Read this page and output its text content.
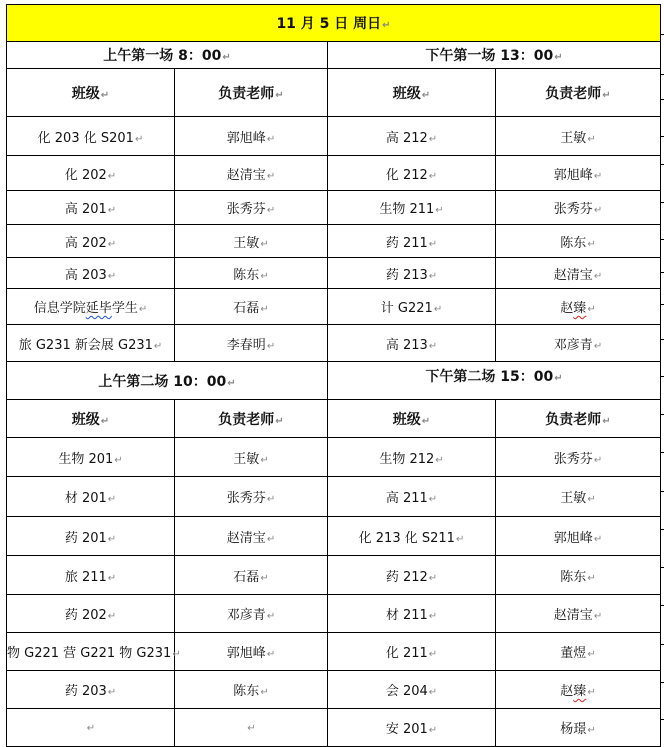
11 月 5 日 周日↵			
上午第一场 8：00↵		下午第一场 13：00↵	
班级↵	负责老师↵	班级↵	负责老师↵
化 203 化 S201↵	郭旭峰↵	高 212↵	王敏↵
化 202↵	赵清宝↵	化 212↵	郭旭峰↵
高 201↵	张秀芬↵	生物 211↵	张秀芬↵
高 202↵	王敏↵	药 211↵	陈东↵
高 203↵	陈东↵	药 213↵	赵清宝↵
信息学院延毕学生↵	石磊↵	计 G221↵	赵臻↵
旅 G231 新会展 G231↵	李春明↵	高 213↵	邓彦青↵
上午第二场 10：00↵		下午第二场 15：00↵	
班级↵	负责老师↵	班级↵	负责老师↵
生物 201↵	王敏↵	生物 212↵	张秀芬↵
材 201↵	张秀芬↵	高 211↵	王敏↵
药 201↵	赵清宝↵	化 213 化 S211↵	郭旭峰↵
旅 211↵	石磊↵	药 212↵	陈东↵
药 202↵	邓彦青↵	材 211↵	赵清宝↵
物 G221 营 G221 物 G231↵	郭旭峰↵	化 211↵	董煜↵
药 203↵	陈东↵	会 204↵	赵臻↵
↵	↵	安 201↵	杨璟↵
